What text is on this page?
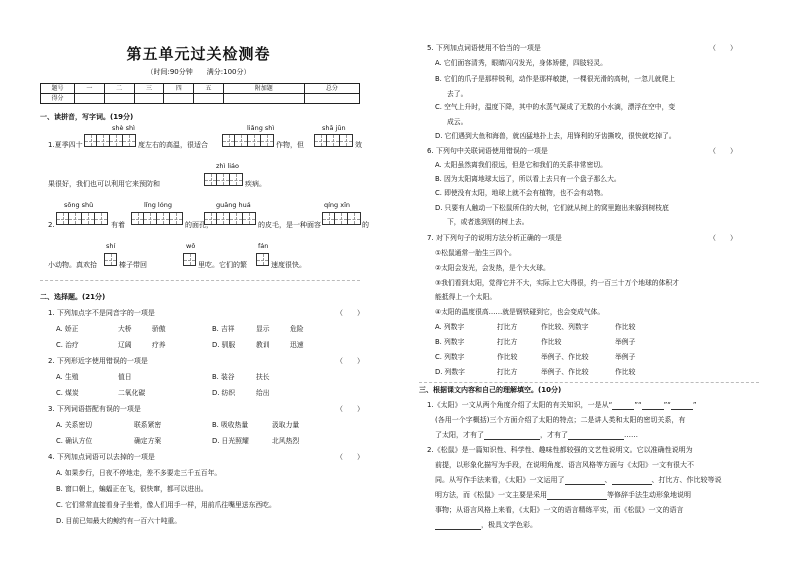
第五单元过关检测卷
（时间:90分钟　　满分:100分）
题号	一	二	三	四	五	附加题	总分
得分							
一、读拼音，写字词。(19分)
shè shì	liǎng shì	shā jūn
1.夏季四十	度左右的高温，很适合	作物，但	效
zhì liáo
果很好，我们也可以利用它来预防和	疾病。
sōng shǔ	lǐng lóng	guāng huá	qíng xīn
2.	有着	的面孔，	的皮毛，是一种面容	的
shí	wǒ	fán
小动物。真欢拾	榛子带回	里吃。它们的繁	速度很快。
二、选择题。(21分)
1. 下列加点字不是同音字的一项是	（　　）
A. 娇正	大桥	骄傲	B. 吉祥	显示	危险
C. 治疗	辽阔	疗养	D. 驯服	教训	迅速
2. 下列形近字使用错误的一项是	（　　）
A. 生殖	值日	B. 装谷	扶长
C. 煤炭	二氧化碳	D. 纺织	给出
3. 下列词语搭配有误的一项是	（　　）
A. 关系密切	联系紧密	B. 吸收热量	汲取力量
C. 确认方位	确定方案	D. 日光照耀	北风热烈
4. 下列加点词语可以去掉的一项是	（　　）
A. 如果步行，日夜不停地走，差不多要走三千五百年。
B. 窗口朝上，蝙蝠正在飞，很快窜，都可以进出。
C. 它们常常直接看身子坐着，像人们用手一样，用前爪往嘴里送东西吃。
D. 目前已知最大的鲸约有一百六十吨重。
5. 下列加点词语使用不恰当的一项是	（　　）
A. 它们面容清秀，眼睛闪闪发光，身体矫健，四肢轻灵。
B. 它们的爪子是那样锐利，动作是那样敏捷，一棵很光滑的高树，一忽儿就爬上
去了。
C. 空气上升时，温度下降，其中的水蒸气凝成了无数的小水滴，漂浮在空中，变
成云。
D. 它们遇到大鱼和海兽，就凶猛地扑上去，用锋利的牙齿撕咬，很快就吃掉了。
6. 下列句中关联词语使用错误的一项是	（　　）
A. 太阳虽然离我们很远，但是它和我们的关系非常密切。
B. 因为太阳离地球太远了，所以看上去只有一个盘子那么大。
C. 即使没有太阳，地球上就不会有植物，也不会有动物。
D. 只要有人触动一下松鼠所住的大树，它们就从树上的窝里跑出来躲到树枝底
下，或者逃到别的树上去。
7. 对下列句子的说明方法分析正确的一项是	（　　）
①松鼠通常一胎生三四个。
②太阳会发光，会发热，是个大火球。
③我们看到太阳，觉得它并不大，实际上它大得很，约一百三十万个地球的体积才
能抵得上一个太阳。
④太阳的温度很高……就是钢铁碰到它，也会变成气体。
A. 列数字	打比方	作比较、列数字	作比较
B. 列数字	打比方	作比较	举例子
C. 列数字	作比较	举例子、作比较	举例子
D. 列数字	打比方	举例子、作比较	作比较
三、根据课文内容和自己的理解填空。(10分)
1.《太阳》一文从两个角度介绍了太阳的有关知识，一是从“	”“	”“	”
(各用一个字概括)三个方面介绍了太阳的特点；二是讲人类和太阳的密切关系，有
了太阳，才有了	，才有了	……
2.《松鼠》是一篇知识性、科学性、趣味性都较强的文艺性说明文。它以准确性说明为
前提，以形象化描写为手段，在说明角度、语言风格等方面与《太阳》一文有很大不
同。从写作手法来看，《太阳》一文运用了	、	、打比方、作比较等说
明方法，而《松鼠》一文主要是采用	等修辞手法生动形象地说明
事物；从语言风格上来看，《太阳》一文的语言精练平实，而《松鼠》一文的语言
，极具文学色彩。
